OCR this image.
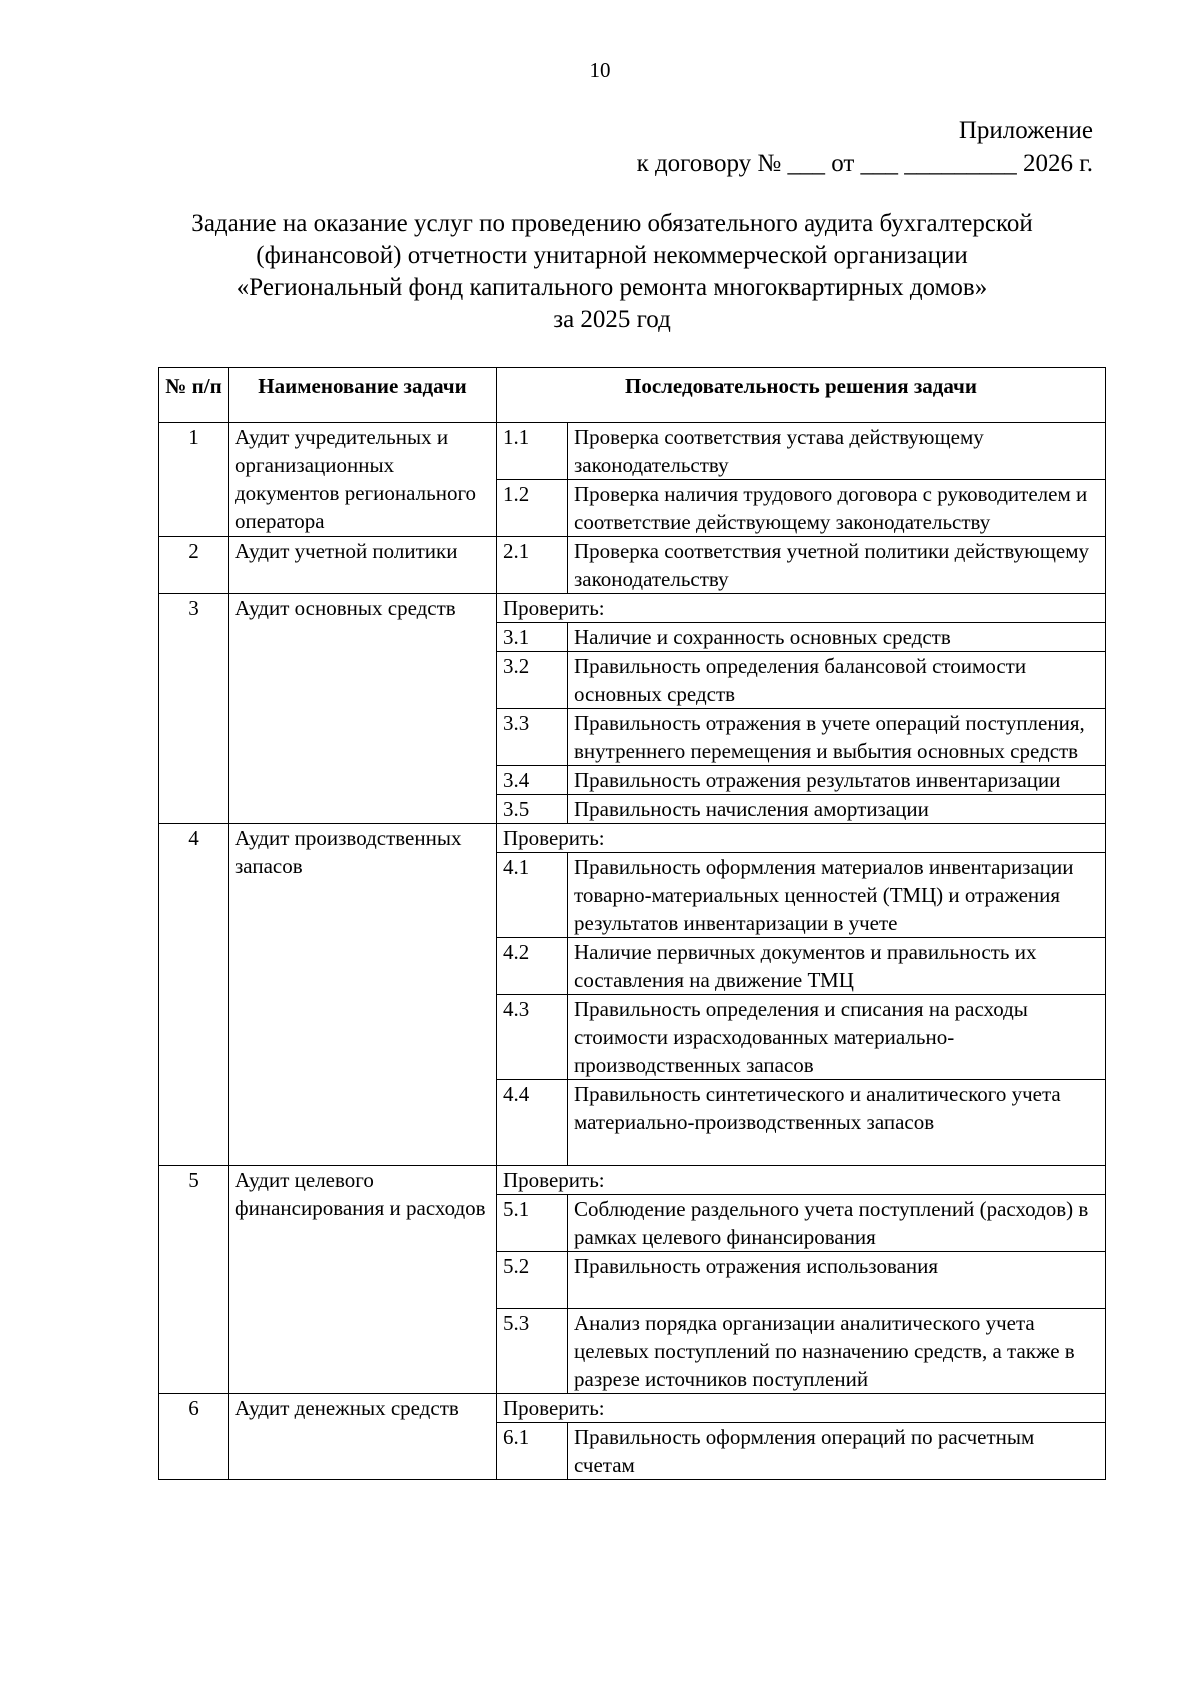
10
Приложение
к договору № ___ от ___ _________ 2026 г.
Задание на оказание услуг по проведению обязательного аудита бухгалтерской
(финансовой) отчетности унитарной некоммерческой организации
«Региональный фонд капитального ремонта многоквартирных домов»
за 2025 год
№ п/п	Наименование задачи	Последовательность решения задачи	
1	Аудит учредительных и организационных документов регионального оператора	1.1	Проверка соответствия устава действующему законодательству
		1.2	Проверка наличия трудового договора с руководителем и соответствие действующему законодательству
2	Аудит учетной политики	2.1	Проверка соответствия учетной политики действующему законодательству
3	Аудит основных средств	Проверить:	
		3.1	Наличие и сохранность основных средств
		3.2	Правильность определения балансовой стоимости основных средств
		3.3	Правильность отражения в учете операций поступления, внутреннего перемещения и выбытия основных средств
		3.4	Правильность отражения результатов инвентаризации
		3.5	Правильность начисления амортизации
4	Аудит производственных запасов	Проверить:	
		4.1	Правильность оформления материалов инвентаризации товарно-материальных ценностей (ТМЦ) и отражения результатов инвентаризации в учете
		4.2	Наличие первичных документов и правильность их составления на движение ТМЦ
		4.3	Правильность определения и списания на расходы стоимости израсходованных материально-производственных запасов
		4.4	Правильность синтетического и аналитического учета материально-производственных запасов
5	Аудит целевого финансирования и расходов	Проверить:	
		5.1	Соблюдение раздельного учета поступлений (расходов) в рамках целевого финансирования
		5.2	Правильность отражения использования
		5.3	Анализ порядка организации аналитического учета целевых поступлений по назначению средств, а также в разрезе источников поступлений
6	Аудит денежных средств	Проверить:	
		6.1	Правильность оформления операций по расчетным счетам
